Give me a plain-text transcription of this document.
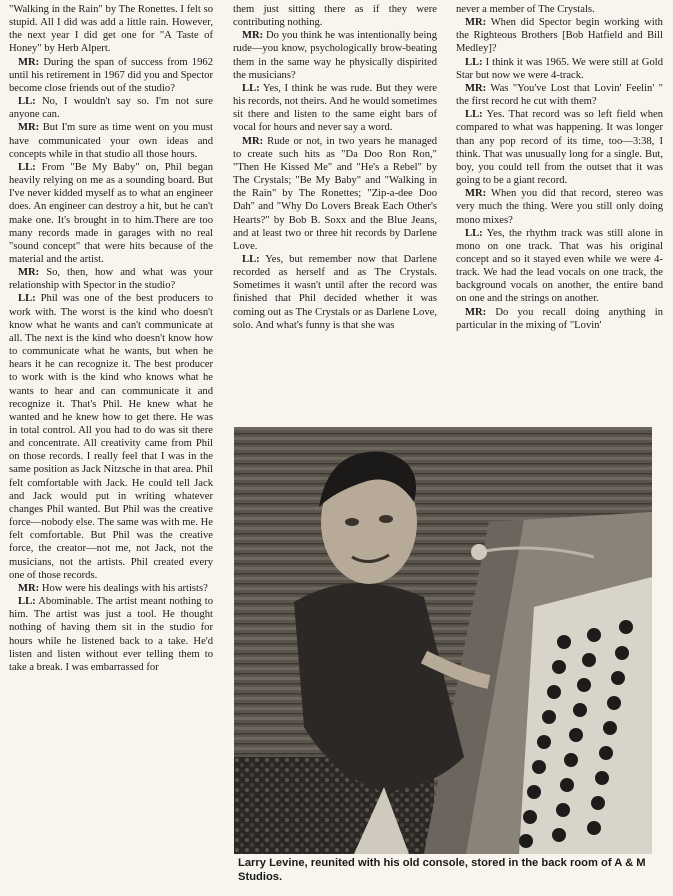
"Walking in the Rain" by The Ronettes. I felt so stupid. All I did was add a little rain. However, the next year I did get one for "A Taste of Honey" by Herb Alpert.

MR: During the span of success from 1962 until his retirement in 1967 did you and Spector become close friends out of the studio?

LL: No, I wouldn't say so. I'm not sure anyone can.

MR: But I'm sure as time went on you must have communicated your own ideas and concepts while in that studio all those hours.

LL: From "Be My Baby" on, Phil began heavily relying on me as a sounding board. But I've never kidded myself as to what an engineer does. An engineer can destroy a hit, but he can't make one. It's brought in to him.There are too many records made in garages with no real "sound concept" that were hits because of the material and the artist.

MR: So, then, how and what was your relationship with Spector in the studio?

LL: Phil was one of the best producers to work with. The worst is the kind who doesn't know what he wants and can't communicate at all. The next is the kind who doesn't know how to communicate what he wants, but when he hears it he can recognize it. The best producer to work with is the kind who knows what he wants to hear and can communicate it and recognize it. That's Phil. He knew what he wanted and he knew how to get there. He was in total control. All you had to do was sit there and concentrate. All creativity came from Phil on those records. I really feel that I was in the same position as Jack Nitzsche in that area. Phil felt comfortable with Jack. He could tell Jack and Jack would put in writing whatever changes Phil wanted. But Phil was the creative force—nobody else. The same was with me. He felt comfortable. But Phil was the creative force, the creator—not me, not Jack, not the musicians, not the artists. Phil created every one of those records.

MR: How were his dealings with his artists?

LL: Abominable. The artist meant nothing to him. The artist was just a tool. He thought nothing of having them sit in the studio for hours while he listened back to a take. He'd listen and listen without ever telling them to take a break. I was embarrassed for

them just sitting there as if they were contributing nothing.

MR: Do you think he was intentionally being rude—you know, psychologically brow-beating them in the same way he physically dispirited the musicians?

LL: Yes, I think he was rude. But they were his records, not theirs. And he would sometimes sit there and listen to the same eight bars of vocal for hours and never say a word.

MR: Rude or not, in two years he managed to create such hits as "Da Doo Ron Ron," "Then He Kissed Me" and "He's a Rebel" by The Crystals; "Be My Baby" and "Walking in the Rain" by The Ronettes; "Zip-a-dee Doo Dah" and "Why Do Lovers Break Each Other's Hearts?" by Bob B. Soxx and the Blue Jeans, and at least two or three hit records by Darlene Love.

LL: Yes, but remember now that Darlene recorded as herself and as The Crystals. Sometimes it wasn't until after the record was finished that Phil decided whether it was coming out as The Crystals or as Darlene Love, solo. And what's funny is that she was

never a member of The Crystals.

MR: When did Spector begin working with the Righteous Brothers [Bob Hatfield and Bill Medley]?

LL: I think it was 1965. We were still at Gold Star but now we were 4-track.

MR: Was "You've Lost that Lovin' Feelin' " the first record he cut with them?

LL: Yes. That record was so left field when compared to what was happening. It was longer than any pop record of its time, too—3:38, I think. That was unusually long for a single. But, boy, you could tell from the outset that it was going to be a giant record.

MR: When you did that record, stereo was very much the thing. Were you still only doing mono mixes?

LL: Yes, the rhythm track was still alone in mono on one track. That was his original concept and so it stayed even while we were 4-track. We had the lead vocals on one track, the background vocals on another, the entire band on one and the strings on another.

MR: Do you recall doing anything in particular in the mixing of "Lovin'

Larry Levine, reunited with his old console, stored in the back room of A & M Studios.
